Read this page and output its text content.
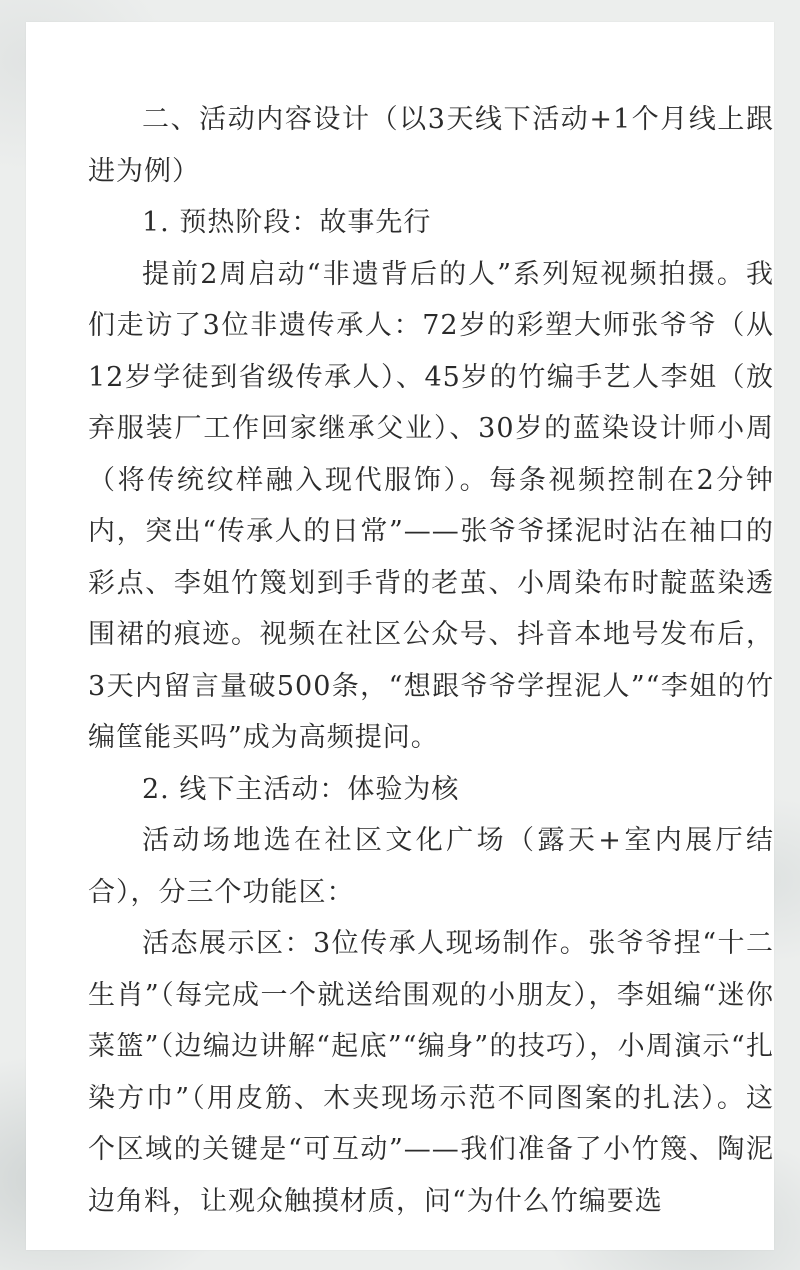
二、活动内容设计（以3天线下活动+1个月线上跟进为例）

1. 预热阶段：故事先行

提前2周启动“非遗背后的人”系列短视频拍摄。我们走访了3位非遗传承人：72岁的彩塑大师张爷爷（从12岁学徒到省级传承人）、45岁的竹编手艺人李姐（放弃服装厂工作回家继承父业）、30岁的蓝染设计师小周（将传统纹样融入现代服饰）。每条视频控制在2分钟内，突出“传承人的日常”——张爷爷揉泥时沾在袖口的彩点、李姐竹篾划到手背的老茧、小周染布时靛蓝染透围裙的痕迹。视频在社区公众号、抖音本地号发布后，3天内留言量破500条，“想跟爷爷学捏泥人”“李姐的竹编筐能买吗”成为高频提问。

2. 线下主活动：体验为核

活动场地选在社区文化广场（露天+室内展厅结合），分三个功能区：

活态展示区：3位传承人现场制作。张爷爷捏“十二生肖”（每完成一个就送给围观的小朋友），李姐编“迷你菜篮”（边编边讲解“起底”“编身”的技巧），小周演示“扎染方巾”（用皮筋、木夹现场示范不同图案的扎法）。这个区域的关键是“可互动”——我们准备了小竹篾、陶泥边角料，让观众触摸材质，问“为什么竹编要选
